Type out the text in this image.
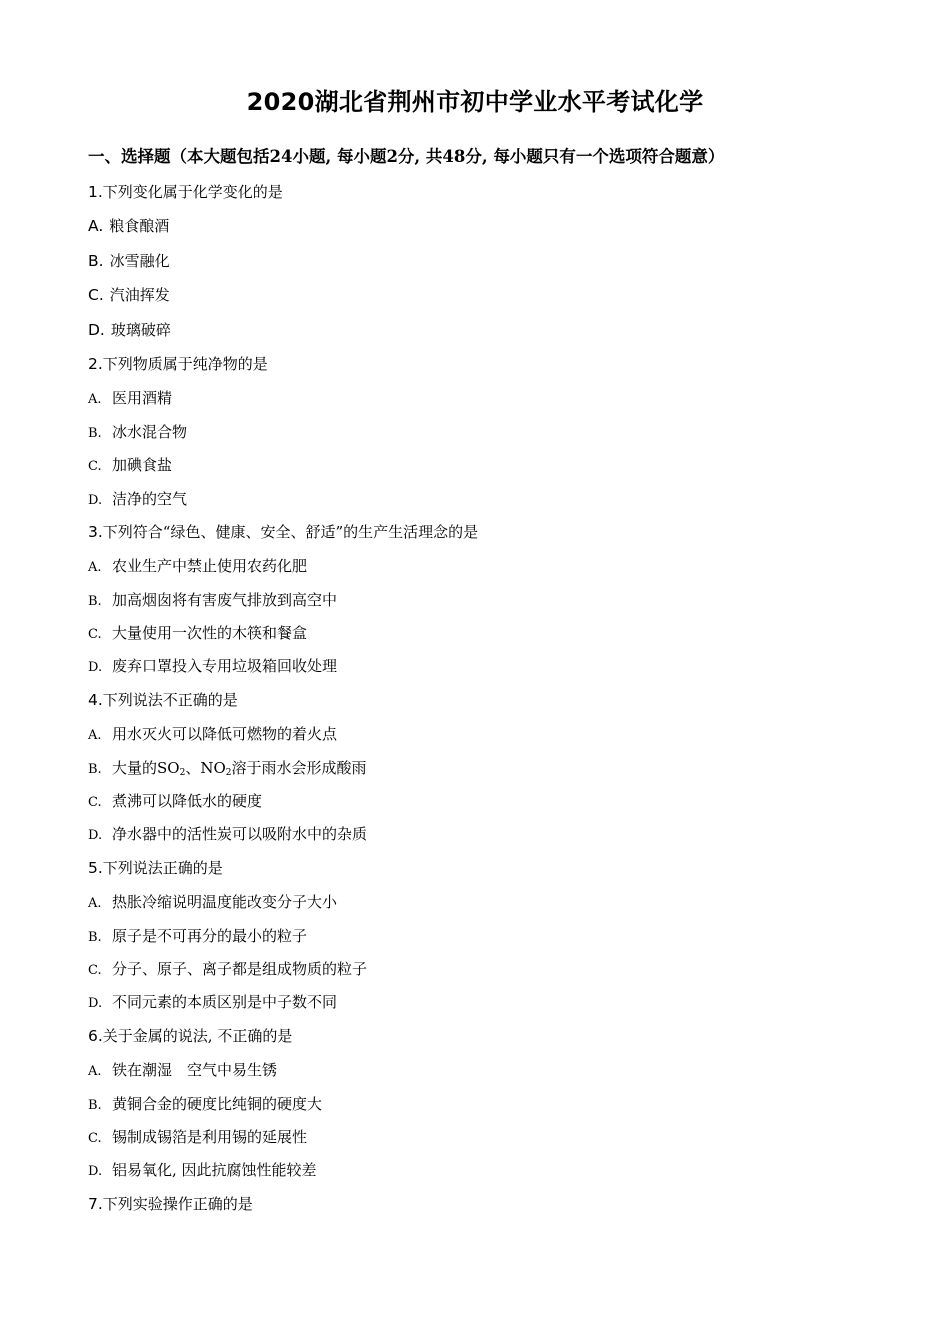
2020湖北省荆州市初中学业水平考试化学
一、选择题（本大题包括24小题, 每小题2分, 共48分, 每小题只有一个选项符合题意）
1.下列变化属于化学变化的是
A. 粮食酿酒
B. 冰雪融化
C. 汽油挥发
D. 玻璃破碎
2.下列物质属于纯净物的是
A. 医用酒精
B. 冰水混合物
C. 加碘食盐
D. 洁净的空气
3.下列符合“绿色、健康、安全、舒适”的生产生活理念的是
A. 农业生产中禁止使用农药化肥
B. 加高烟囱将有害废气排放到高空中
C. 大量使用一次性的木筷和餐盒
D. 废弃口罩投入专用垃圾箱回收处理
4.下列说法不正确的是
A. 用水灭火可以降低可燃物的着火点
B. 大量的$SO_2$、$NO_2$溶于雨水会形成酸雨
C. 煮沸可以降低水的硬度
D. 净水器中的活性炭可以吸附水中的杂质
5.下列说法正确的是
A. 热胀冷缩说明温度能改变分子大小
B. 原子是不可再分的最小的粒子
C. 分子、原子、离子都是组成物质的粒子
D. 不同元素的本质区别是中子数不同
6.关于金属的说法, 不正确的是
A. 铁在潮湿　空气中易生锈
B. 黄铜合金的硬度比纯铜的硬度大
C. 锡制成锡箔是利用锡的延展性
D. 铝易氧化, 因此抗腐蚀性能较差
7.下列实验操作正确的是
